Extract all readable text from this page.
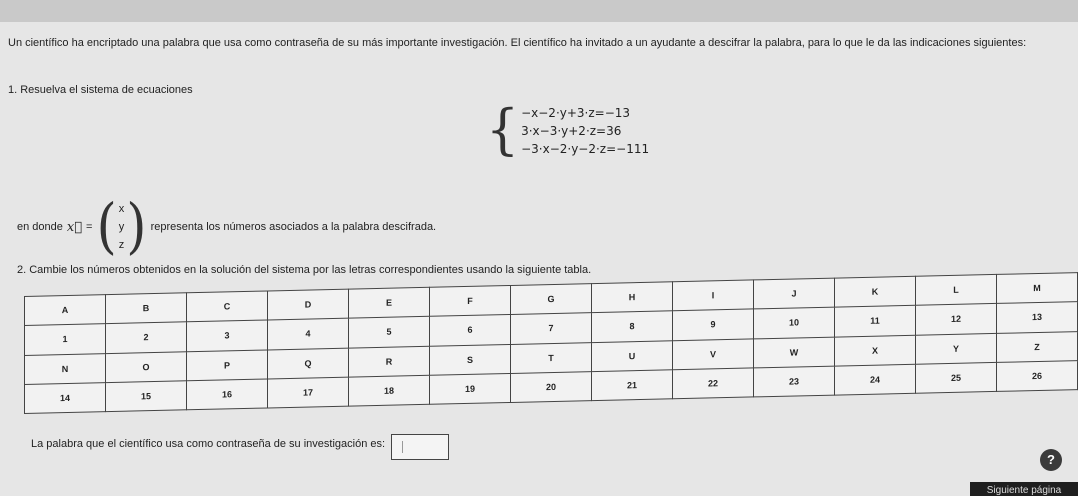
Un científico ha encriptado una palabra que usa como contraseña de su más importante investigación. El científico ha invitado a un ayudante a descifrar la palabra, para lo que le da las indicaciones siguientes:
1. Resuelva el sistema de ecuaciones
{ −x−2·y+3·z=−13
3·x−3·y+2·z=36
−3·x−2·y−2·z=−111
en donde x⃗ = ( x
y
z ) representa los números asociados a la palabra descifrada.
2. Cambie los números obtenidos en la solución del sistema por las letras correspondientes usando la siguiente tabla.
A	B	C	D	E	F	G	H	I	J	K	L	M
1	2	3	4	5	6	7	8	9	10	11	12	13
N	O	P	Q	R	S	T	U	V	W	X	Y	Z
14	15	16	17	18	19	20	21	22	23	24	25	26
La palabra que el científico usa como contraseña de su investigación es:
?
Siguiente página
